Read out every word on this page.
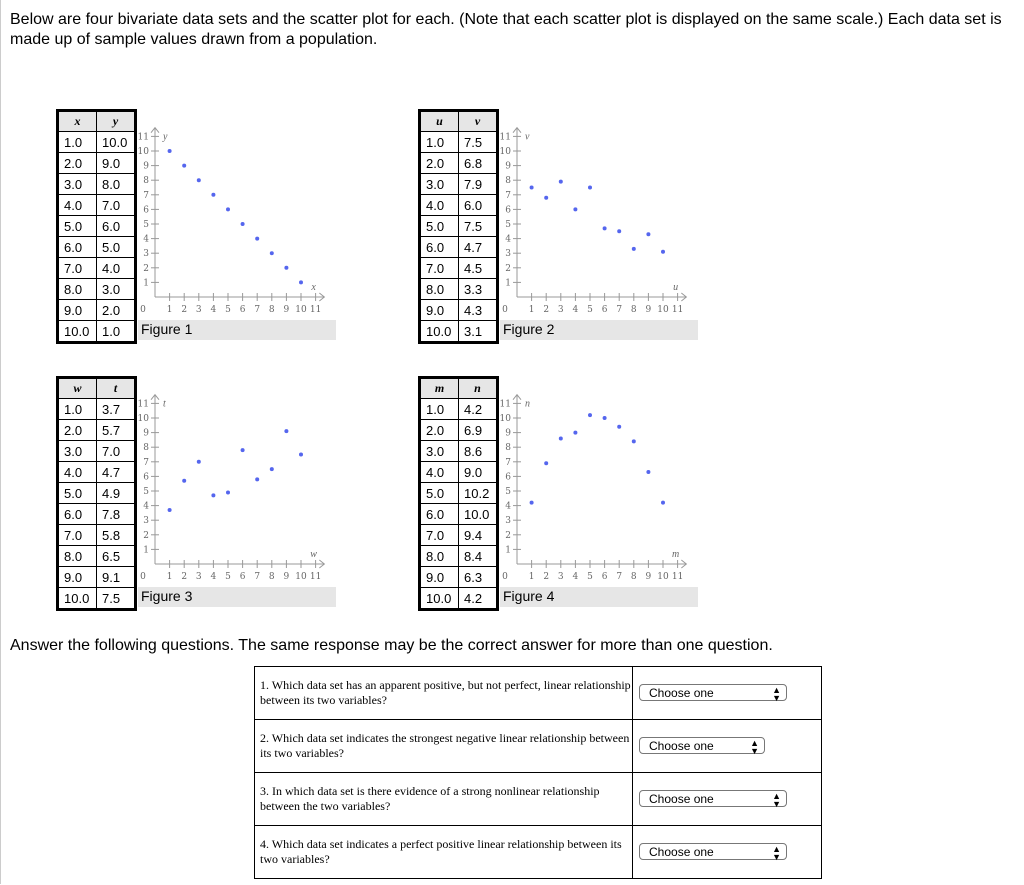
Below are four bivariate data sets and the scatter plot for each. (Note that each scatter plot is displayed on the same scale.) Each data set is made up of sample values drawn from a population.
x	y
1.0	10.0
2.0	9.0
3.0	8.0
4.0	7.0
5.0	6.0
6.0	5.0
7.0	4.0
8.0	3.0
9.0	2.0
10.0	1.0
1
1
2
2
3
3
4
4
5
5
6
6
7
7
8
8
9
9
10
10
11
11
0
x
y
Figure 1
u	v
1.0	7.5
2.0	6.8
3.0	7.9
4.0	6.0
5.0	7.5
6.0	4.7
7.0	4.5
8.0	3.3
9.0	4.3
10.0	3.1
1
1
2
2
3
3
4
4
5
5
6
6
7
7
8
8
9
9
10
10
11
11
0
u
v
Figure 2
w	t
1.0	3.7
2.0	5.7
3.0	7.0
4.0	4.7
5.0	4.9
6.0	7.8
7.0	5.8
8.0	6.5
9.0	9.1
10.0	7.5
1
1
2
2
3
3
4
4
5
5
6
6
7
7
8
8
9
9
10
10
11
11
0
w
t
Figure 3
m	n
1.0	4.2
2.0	6.9
3.0	8.6
4.0	9.0
5.0	10.2
6.0	10.0
7.0	9.4
8.0	8.4
9.0	6.3
10.0	4.2
1
1
2
2
3
3
4
4
5
5
6
6
7
7
8
8
9
9
10
10
11
11
0
m
n
Figure 4
Answer the following questions. The same response may be the correct answer for more than one question.
1. Which data set has an apparent positive, but not perfect, linear relationship between its two variables?	Choose one ▲
▼

2. Which data set indicates the strongest negative linear relationship between its two variables?	Choose one ▲
▼

3. In which data set is there evidence of a strong nonlinear relationship between the two variables?	Choose one ▲
▼

4. Which data set indicates a perfect positive linear relationship between its two variables?	Choose one ▲
▼
